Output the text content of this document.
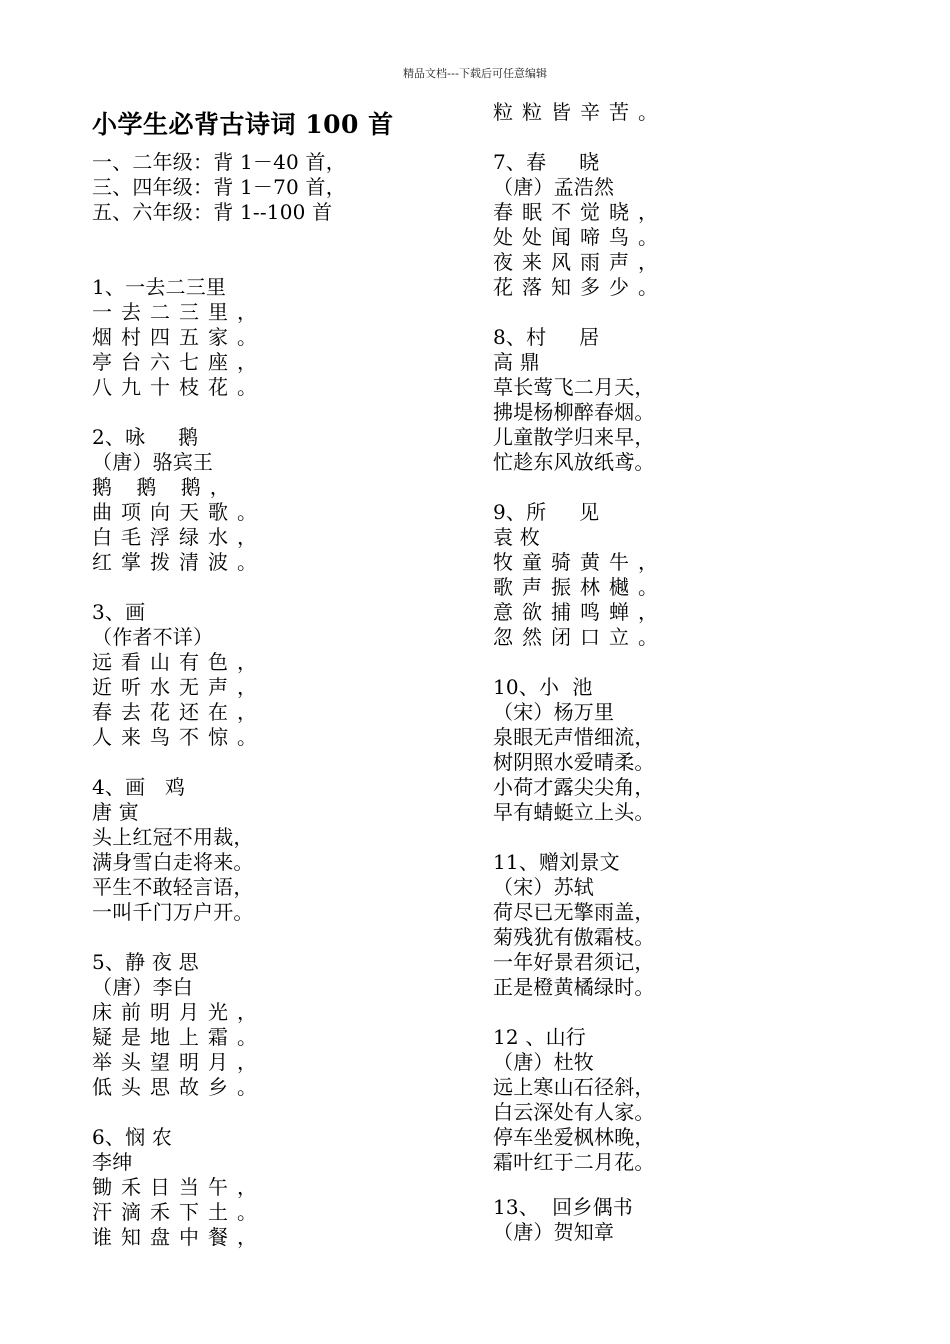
精品文档---下载后可任意编辑
小学生必背古诗词 100 首
一、二年级：背 1－40 首，
三、四年级：背 1－70 首，
五、六年级：背 1--100 首
1、一去二三里
一去二三里，
烟村四五家。
亭台六七座，
八九十枝花。
2、咏     鹅
（唐）骆宾王
鹅 鹅 鹅，
曲项向天歌。
白毛浮绿水，
红掌拨清波。
3、画
（作者不详）
远看山有色，
近听水无声，
春去花还在，
人来鸟不惊。
4、画   鸡
唐 寅
头上红冠不用裁，
满身雪白走将来。
平生不敢轻言语，
一叫千门万户开。
5、静 夜 思
（唐）李白
床前明月光，
疑是地上霜。
举头望明月，
低头思故乡。
6、悯 农
李绅
锄禾日当午，
汗滴禾下土。
谁知盘中餐，
粒粒皆辛苦。
7、春     晓
（唐）孟浩然
春眠不觉晓，
处处闻啼鸟。
夜来风雨声，
花落知多少。
8、村     居
高 鼎
草长莺飞二月天，
拂堤杨柳醉春烟。
儿童散学归来早，
忙趁东风放纸鸢。
9、所     见
袁 枚
牧童骑黄牛，
歌声振林樾。
意欲捕鸣蝉，
忽然闭口立。
10、小  池
（宋）杨万里
泉眼无声惜细流，
树阴照水爱晴柔。
小荷才露尖尖角，
早有蜻蜓立上头。
11、赠刘景文
（宋）苏轼
荷尽已无擎雨盖，
菊残犹有傲霜枝。
一年好景君须记，
正是橙黄橘绿时。
12 、山行
（唐）杜牧
远上寒山石径斜，
白云深处有人家。
停车坐爱枫林晚，
霜叶红于二月花。
13、  回乡偶书
（唐）贺知章
